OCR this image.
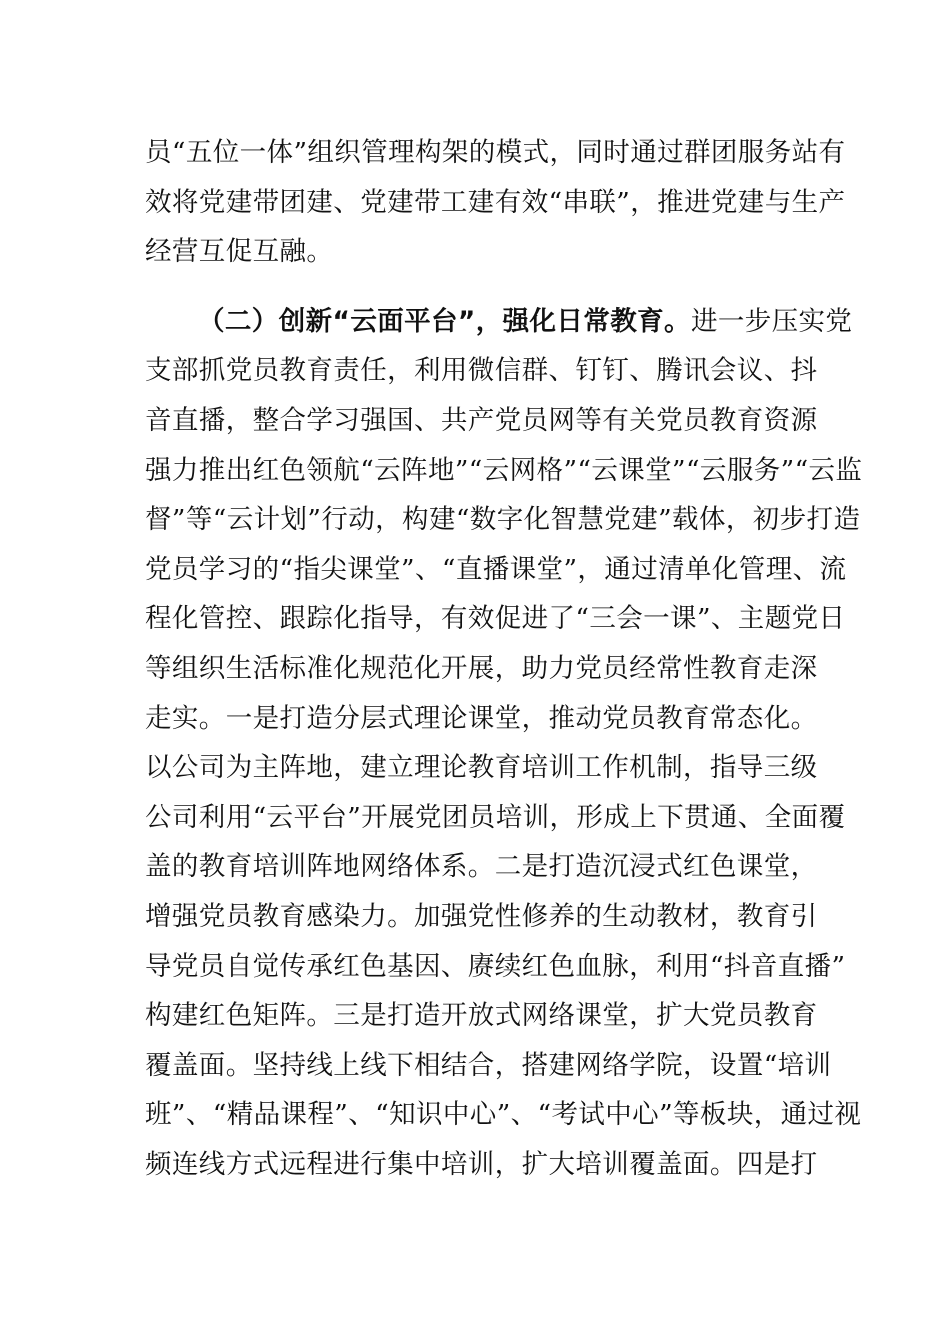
员“五位一体”组织管理构架的模式，同时通过群团服务站有
效将党建带团建、党建带工建有效“串联”，推进党建与生产
经营互促互融。
（二）创新“云面平台”，强化日常教育。进一步压实党
支部抓党员教育责任，利用微信群、钉钉、腾讯会议、抖
音直播，整合学习强国、共产党员网等有关党员教育资源
强力推出红色领航“云阵地”“云网格”“云课堂”“云服务”“云监
督”等“云计划”行动，构建“数字化智慧党建”载体，初步打造
党员学习的“指尖课堂”、“直播课堂”，通过清单化管理、流
程化管控、跟踪化指导，有效促进了“三会一课”、主题党日
等组织生活标准化规范化开展，助力党员经常性教育走深
走实。一是打造分层式理论课堂，推动党员教育常态化。
以公司为主阵地，建立理论教育培训工作机制，指导三级
公司利用“云平台”开展党团员培训，形成上下贯通、全面覆
盖的教育培训阵地网络体系。二是打造沉浸式红色课堂，
增强党员教育感染力。加强党性修养的生动教材，教育引
导党员自觉传承红色基因、赓续红色血脉，利用“抖音直播”
构建红色矩阵。三是打造开放式网络课堂，扩大党员教育
覆盖面。坚持线上线下相结合，搭建网络学院，设置“培训
班”、“精品课程”、“知识中心”、“考试中心”等板块，通过视
频连线方式远程进行集中培训，扩大培训覆盖面。四是打
